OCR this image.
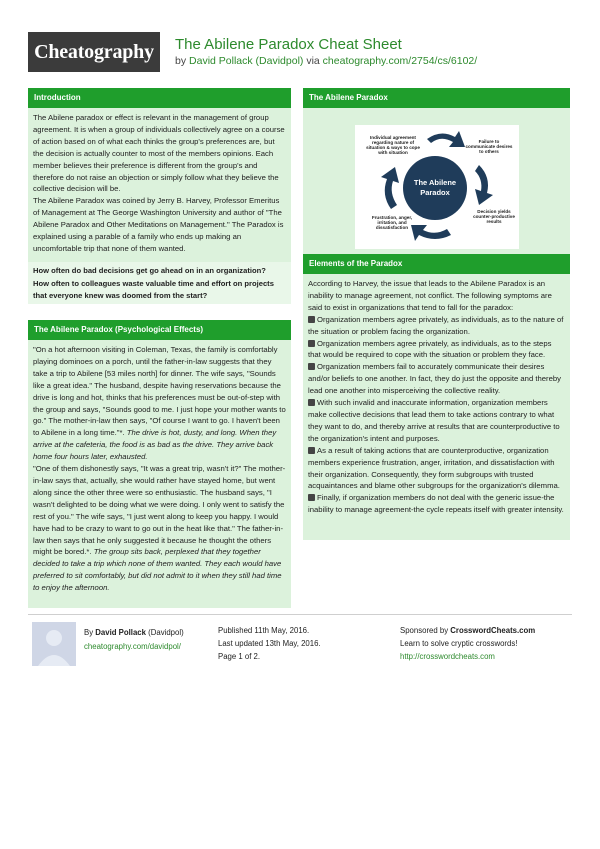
Cheatography	The Abilene Paradox Cheat Sheet
by David Pollack (Davidpol) via cheatography.com/2754/cs/6102/
Introduction

The Abilene paradox or effect is relevant in the management of group agreement. It is when a group of individuals collectively agree on a course of action based on of what each thinks the group's preferences are, but the decision is actually counter to most of the members opinions. Each member believes their preference is different from the group's and therefore do not raise an objection or simply follow what they believe the collective decision will be.

The Abilene Paradox was coined by Jerry B. Harvey, Professor Emeritus of Management at The George Washington University and author of "The Abilene Paradox and Other Meditations on Management." The Paradox is explained using a parable of a family who ends up making an uncomfortable trip that none of them wanted.

How often do bad decisions get go ahead on in an organization?
How often to colleagues waste valuable time and effort on projects that everyone knew was doomed from the start?
The Abilene Paradox (Psychological Effects)

"On a hot afternoon visiting in Coleman, Texas, the family is comfortably playing dominoes on a porch, until the father-in-law suggests that they take a trip to Abilene [53 miles north] for dinner. The wife says, "Sounds like a great idea." The husband, despite having reservations because the drive is long and hot, thinks that his preferences must be out-of-step with the group and says, "Sounds good to me. I just hope your mother wants to go." The mother-in-law then says, "Of course I want to go. I haven't been to Abilene in a long time."*. The drive is hot, dusty, and long. When they arrive at the cafeteria, the food is as bad as the drive. They arrive back home four hours later, exhausted.

"One of them dishonestly says, "It was a great trip, wasn't it?" The mother-in-law says that, actually, she would rather have stayed home, but went along since the other three were so enthusiastic. The husband says, "I wasn't delighted to be doing what we were doing. I only went to satisfy the rest of you." The wife says, "I just went along to keep you happy. I would have had to be crazy to want to go out in the heat like that." The father-in-law then says that he only suggested it because he thought the others might be bored.*. The group sits back, perplexed that they together decided to take a trip which none of them wanted. They each would have preferred to sit comfortably, but did not admit to it when they still had time to enjoy the afternoon.

The Abilene Paradox
The Abilene
Paradox
Individual agreement regarding nature of situation & ways to cope with situation
Failure to communicate desires to others
Decision yields counter-productive results
Frustration, anger, irritation, and dissatisfaction
Elements of the Paradox

According to Harvey, the issue that leads to the Abilene Paradox is an inability to manage agreement, not conflict. The following symptoms are said to exist in organizations that tend to fall for the paradox:

Organization members agree privately, as individuals, as to the nature of the situation or problem facing the organization.

Organization members agree privately, as individuals, as to the steps that would be required to cope with the situation or problem they face.

Organization members fail to accurately communicate their desires and/or beliefs to one another. In fact, they do just the opposite and thereby lead one another into misperceiving the collective reality.

With such invalid and inaccurate information, organization members make collective decisions that lead them to take actions contrary to what they want to do, and thereby arrive at results that are counterproductive to the organization's intent and purposes.

As a result of taking actions that are counterproductive, organization members experience frustration, anger, irritation, and dissatisfaction with their organization. Consequently, they form subgroups with trusted acquaintances and blame other subgroups for the organization's dilemma.

Finally, if organization members do not deal with the generic issue-the inability to manage agreement-the cycle repeats itself with greater intensity.

By David Pollack (Davidpol)
cheatography.com/davidpol/
Published 11th May, 2016.
Last updated 13th May, 2016.
Page 1 of 2.
Sponsored by CrosswordCheats.com
Learn to solve cryptic crosswords!
http://crosswordcheats.com
